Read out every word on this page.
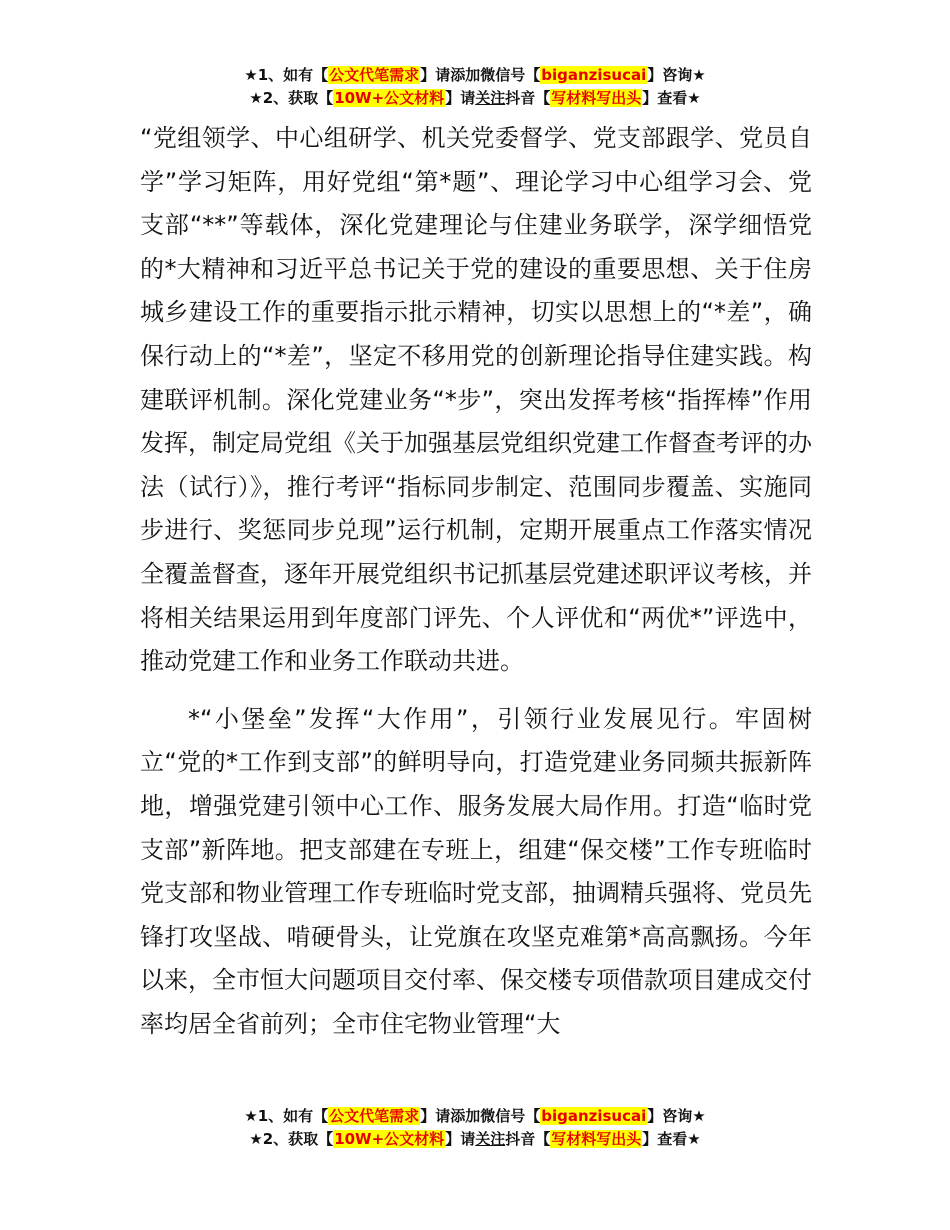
★1、如有【公文代笔需求】请添加微信号【biganzisucai】咨询★
★2、获取【10W+公文材料】请关注抖音【写材料写出头】查看★

“党组领学、中心组研学、机关党委督学、党支部跟学、党员自学”学习矩阵，用好党组“第*题”、理论学习中心组学习会、党支部“**”等载体，深化党建理论与住建业务联学，深学细悟党的*大精神和习近平总书记关于党的建设的重要思想、关于住房城乡建设工作的重要指示批示精神，切实以思想上的“*差”，确保行动上的“*差”，坚定不移用党的创新理论指导住建实践。构建联评机制。深化党建业务“*步”，突出发挥考核“指挥棒”作用发挥，制定局党组《关于加强基层党组织党建工作督查考评的办法（试行）》，推行考评“指标同步制定、范围同步覆盖、实施同步进行、奖惩同步兑现”运行机制，定期开展重点工作落实情况全覆盖督查，逐年开展党组织书记抓基层党建述职评议考核，并将相关结果运用到年度部门评先、个人评优和“两优*”评选中，推动党建工作和业务工作联动共进。

*“小堡垒”发挥“大作用”，引领行业发展见行。牢固树立“党的*工作到支部”的鲜明导向，打造党建业务同频共振新阵地，增强党建引领中心工作、服务发展大局作用。打造“临时党支部”新阵地。把支部建在专班上，组建“保交楼”工作专班临时党支部和物业管理工作专班临时党支部，抽调精兵强将、党员先锋打攻坚战、啃硬骨头，让党旗在攻坚克难第*高高飘扬。今年以来，全市恒大问题项目交付率、保交楼专项借款项目建成交付率均居全省前列；全市住宅物业管理“大

★1、如有【公文代笔需求】请添加微信号【biganzisucai】咨询★
★2、获取【10W+公文材料】请关注抖音【写材料写出头】查看★
